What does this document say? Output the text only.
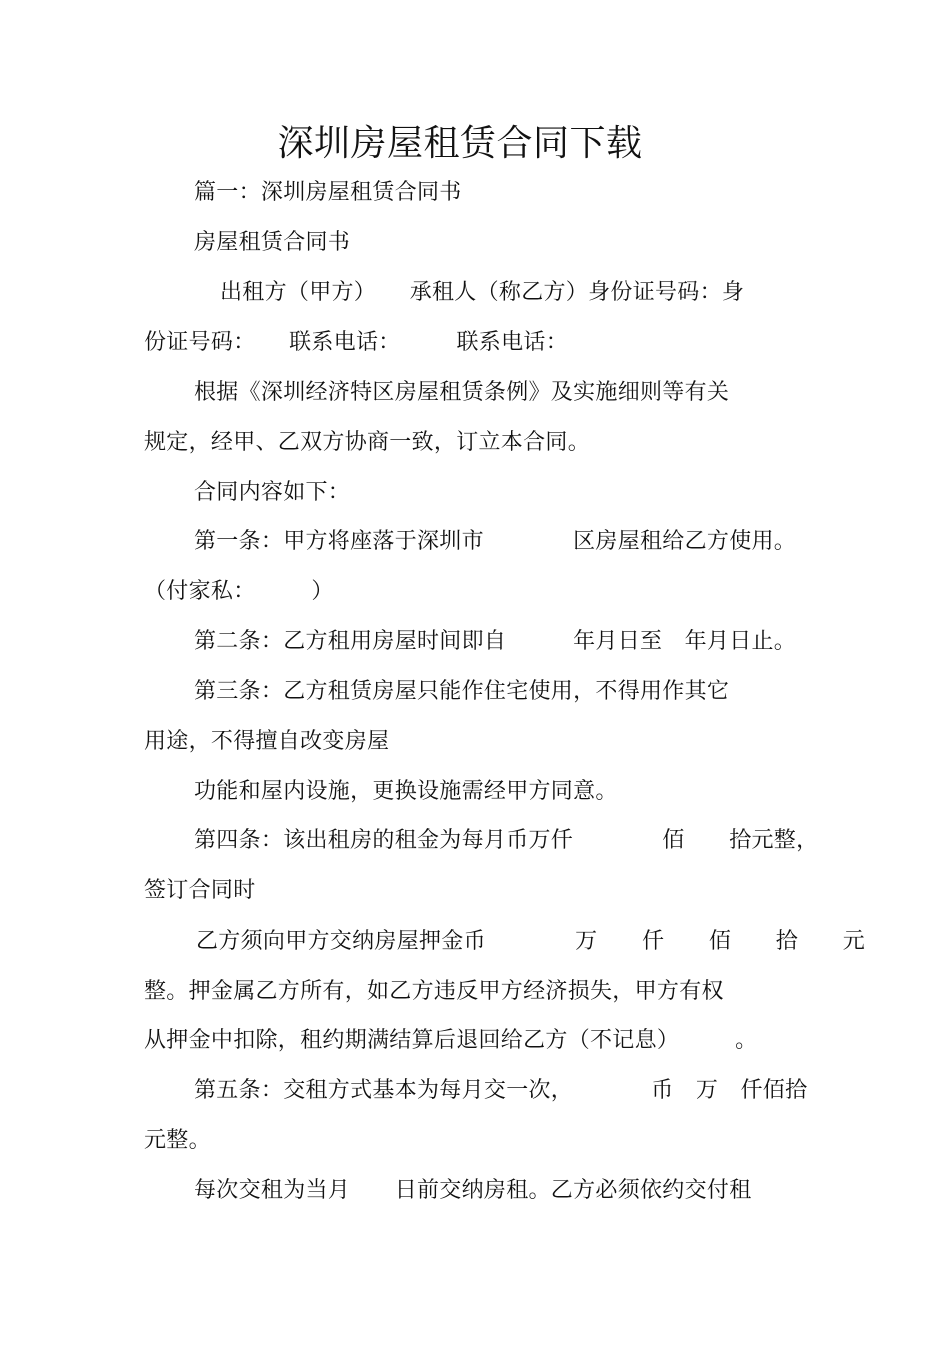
深圳房屋租赁合同下载
篇一：深圳房屋租赁合同书
房屋租赁合同书
出租方（甲方）　　承租人（称乙方）身份证号码：身
份证号码：　　联系电话：　　　联系电话：
根据《深圳经济特区房屋租赁条例》及实施细则等有关
规定，经甲、乙双方协商一致，订立本合同。
合同内容如下：
第一条：甲方将座落于深圳市　　　　区房屋租给乙方使用。
（付家私：　　　）
第二条：乙方租用房屋时间即自　　　年月日至　年月日止。
第三条：乙方租赁房屋只能作住宅使用，不得用作其它
用途，不得擅自改变房屋
功能和屋内设施，更换设施需经甲方同意。
第四条：该出租房的租金为每月币万仟　　　　佰　　拾元整，
签订合同时
乙方须向甲方交纳房屋押金币　　　　万　　仟　　佰　　拾　　元
整。押金属乙方所有，如乙方违反甲方经济损失，甲方有权
从押金中扣除，租约期满结算后退回给乙方（不记息）　　　。
第五条：交租方式基本为每月交一次，　　　　币　万　仟佰拾
元整。
每次交租为当月　　日前交纳房租。乙方必须依约交付租
